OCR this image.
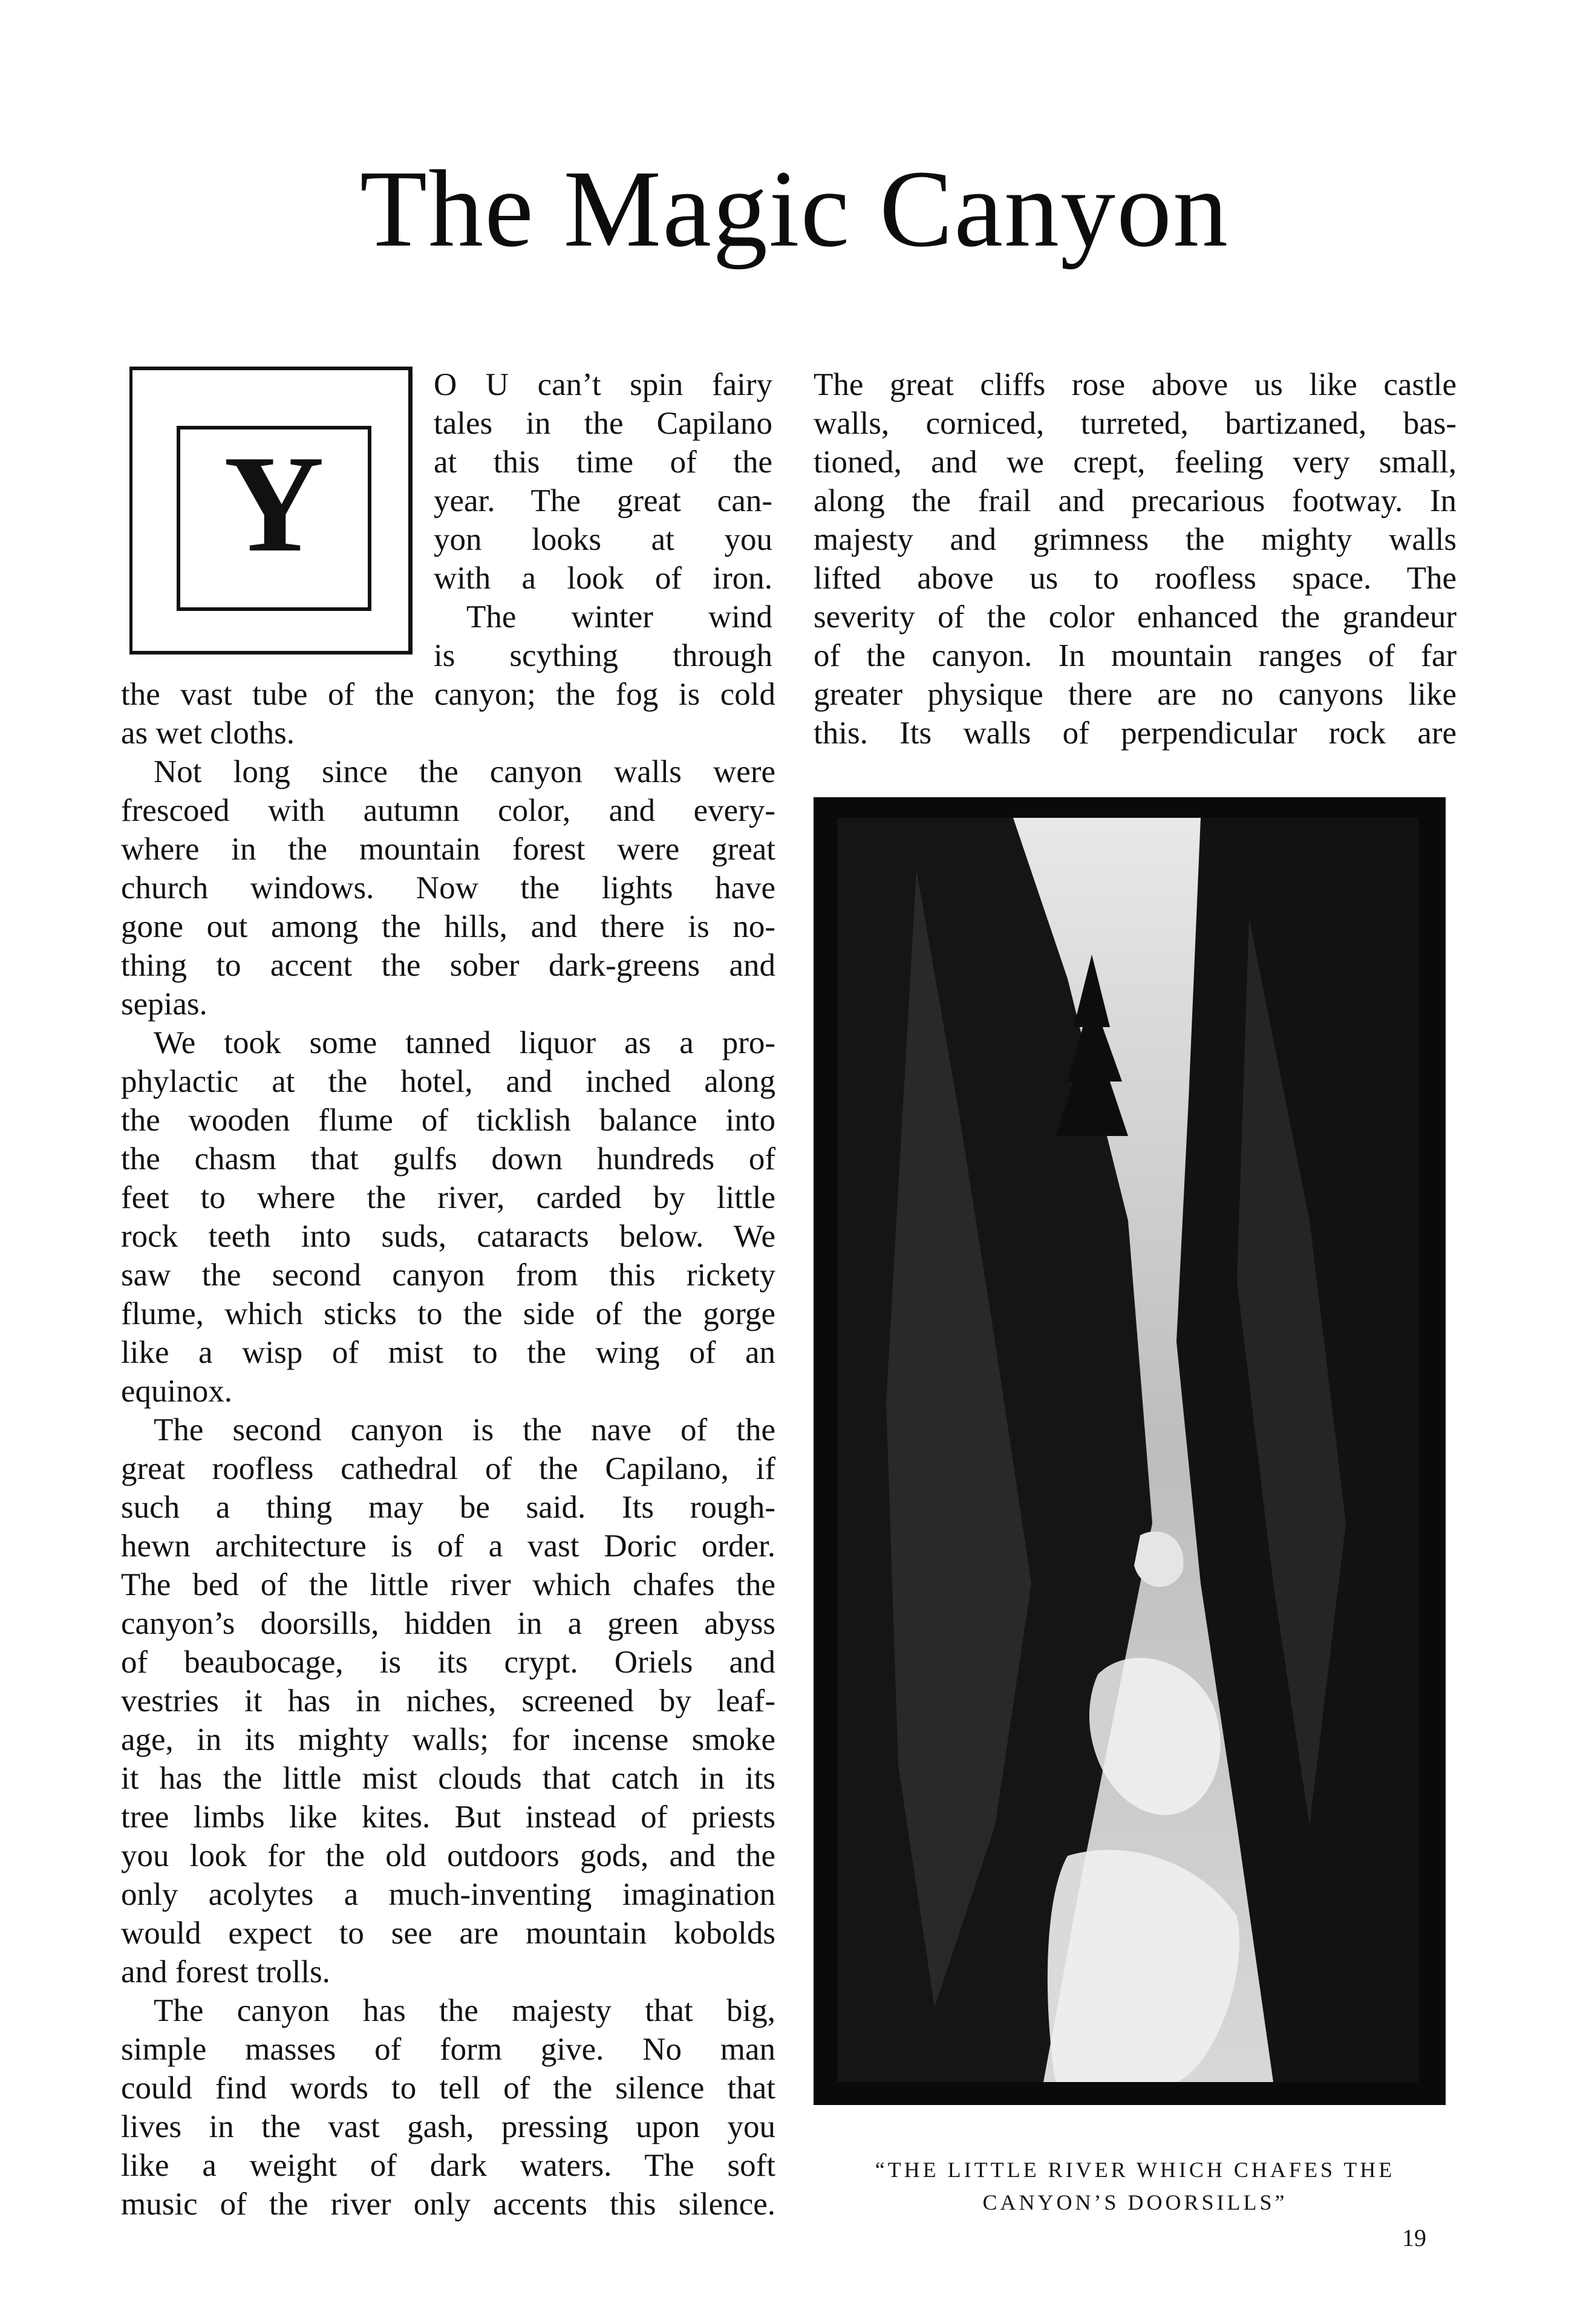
The Magic Canyon
Y
O U can’t spin fairy
tales in the Capilano
at this time of the
year. The great can-
yon looks at you
with a look of iron.
The winter wind
is scything through
the vast tube of the canyon; the fog is cold
as wet cloths.
Not long since the canyon walls were
frescoed with autumn color, and every-
where in the mountain forest were great
church windows. Now the lights have
gone out among the hills, and there is no-
thing to accent the sober dark-greens and
sepias.
We took some tanned liquor as a pro-
phylactic at the hotel, and inched along
the wooden flume of ticklish balance into
the chasm that gulfs down hundreds of
feet to where the river, carded by little
rock teeth into suds, cataracts below. We
saw the second canyon from this rickety
flume, which sticks to the side of the gorge
like a wisp of mist to the wing of an
equinox.
The second canyon is the nave of the
great roofless cathedral of the Capilano, if
such a thing may be said. Its rough-
hewn architecture is of a vast Doric order.
The bed of the little river which chafes the
canyon’s doorsills, hidden in a green abyss
of beaubocage, is its crypt. Oriels and
vestries it has in niches, screened by leaf-
age, in its mighty walls; for incense smoke
it has the little mist clouds that catch in its
tree limbs like kites. But instead of priests
you look for the old outdoors gods, and the
only acolytes a much-inventing imagination
would expect to see are mountain kobolds
and forest trolls.
The canyon has the majesty that big,
simple masses of form give. No man
could find words to tell of the silence that
lives in the vast gash, pressing upon you
like a weight of dark waters. The soft
music of the river only accents this silence.
The great cliffs rose above us like castle
walls, corniced, turreted, bartizaned, bas-
tioned, and we crept, feeling very small,
along the frail and precarious footway. In
majesty and grimness the mighty walls
lifted above us to roofless space. The
severity of the color enhanced the grandeur
of the canyon. In mountain ranges of far
greater physique there are no canyons like
this. Its walls of perpendicular rock are
“THE LITTLE RIVER WHICH CHAFES THE
CANYON’S DOORSILLS”
19
